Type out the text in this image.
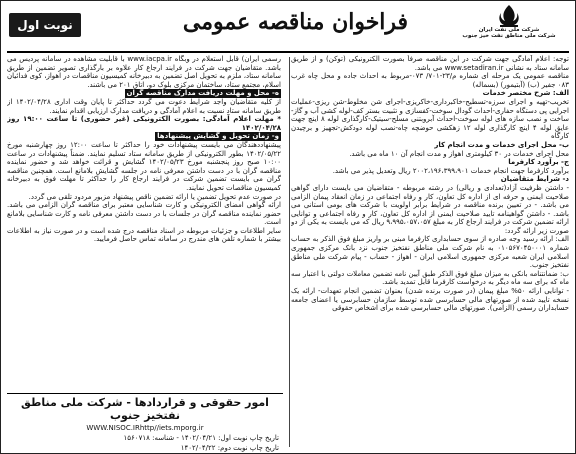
شرکت ملی نفت ایران
شرکت ملی مناطق نفت خیز جنوب
فراخوان مناقصه عمومی
نوبت اول

توجه: اعلام آمادگی جهت شرکت در این مناقصه صرفاً بصورت الکترونیکی (توکن) و از طریق سامانه ستاد به نشانی www.setadiran.ir می باشد.

مناقصه عمومی یک مرحله ای شماره م/۲۳-۷۰۱/ ۰۷۳-مربوط به احداث جاده و محل چاه غرب ۰۸۳ جفیر (ب) (آبتیمور) (بسماله)

الف: شرح مختصر خدمات

تخریب-تهیه و اجرای سرزه-تسطیح-خاکبرداری-خاکریزی-اجرای شن مخلوط-شن ریزی-عملیات اجرایی پی دستگاه حفاری-احداث گودال سوخت-کفسازی و تثبیت بستر کف-لوله کشی آب و گاز-ساخت و نصب سازه های لوله سوخت-احداث آبروبتنی مسلح-سیتیک-کارگذاری لوله ۸ اینچ جهت عایق لوله ۴ اینچ کارگذاری لوله ۱۲ زهکشی حوضچه چاه-نصب لوله دودکش-تجهیز و برچیدن کارگاه

ب- محل اجرای خدمات و مدت انجام کار

محل اجرای خدمات در ۳۰ کیلومتری اهواز و مدت انجام آن ۱۰ ماه می باشد.

ج- برآورد کارفرما

برآورد کارفرما جهت انجام خدمات ۲۰۰۲،۱۹۶،۳۹۹،۹۰۱ ریال وتعدیل پذیر می باشد.

د- شرایط متقاضیان

- داشتن ظرفیت آزاد(تعدادی و ریالی) در رشته مربوطه - متقاضیان می بایست دارای گواهی صلاحیت ایمنی و حرفه ای از اداره کل تعاون، کار و رفاه اجتماعی در زمان انعقاد پیمان الزامی می باشد. - در تعیین برنده مناقصه در شرایط برابر اولویت با شرکت های بومی استانی می باشد. - داشتن گواهینامه تایید صلاحیت ایمنی از اداره کل تعاون، کار و رفاه اجتماعی و توانایی ارائه تضمین شرکت در فرایند ارجاع کار به مبلغ ۹،۹۹۵،۰۵۷،۰۵۷ ریال که می بایست به یکی از دو صورت زیر ارائه گردد:

الف: ارائه رسید وجه صادره از سوی حسابداری کارفرما مبنی بر واریز مبلغ فوق الذکر به حساب شماره ۰۱۰۵۶۷۰۴۵۰۰۰۱ به نام شرکت ملی مناطق نفتخیز جنوب نزد بانک مرکزی جمهوری اسلامی ایران شعبه مرکزی جمهوری اسلامی ایران - اهواز - حساب - پیام شرکت ملی مناطق نفتخیز جنوب.

ب: ضمانتنامه بانکی به میزان مبلغ فوق الذکر طبق آیین نامه تضمین معاملات دولتی با اعتبار سه ماه که برای سه ماه دیگر به درخواست کارفرما قابل تمدید باشد.

- توانایی ارائه ۵۰% مبلغ پیمان (در صورت برنده شدن) بعنوان تضمین انجام تعهدات- ارائه یک نسخه تایید شده از صورتهای مالی حسابرسی شده توسط سازمان حسابرسی یا اعضای جامعه حسابداران رسمی (الزامی). صورتهای مالی حسابرسی شده برای اشخاص حقوقی

رسمی ایران) قابل استعلام در وبگاه www.iacpa.ir با قابلیت مشاهده در سامانه پردیس می باشد. متقاضیان جهت شرکت در فرایند ارجاع کار علاوه بر بارگذاری تصویر تضمین از طریق سامانه ستاد، ملزم به تحویل اصل تضمین به دبیرخانه کمیسیون مناقصات در اهواز، کوی فدائیان اسلام، مجتمع ستاد، ساختمان مرکزی بلوک دو، اتاق ۲۰۱ می باشند.

ه- محل و مهلت دریافت مدارک مناقصه گران

از کلیه متقاضیان واجد شرایط دعوت می گردد حداکثر تا پایان وقت اداری ۱۴۰۲/۰۴/۲۸ از طریق سامانه ستاد نسبت به اعلام آمادگی و دریافت مدارک ارزیابی اقدام نمایند.

* مهلت اعلام آمادگی: بصورت الکترونیکی (غیر حضوری) تا ساعت ۱۹:۰۰ روز ۱۴۰۲/۰۴/۲۸

و- زمان تحویل و گشایش پیشنهادها

پیشنهاددهندگان می بایست پیشنهادات خود را حداکثر تا ساعت ۱۲:۰۰ روز چهارشنبه مورخ ۱۴۰۲/۰۵/۲۲ بطور الکترونیکی از طریق سامانه ستاد تسلیم نمایند. ضمناً پیشنهادات در ساعت ۱۰:۰۰ صبح روز پنجشنبه مورخ ۱۴۰۲/۰۵/۲۳ گشایش و قرائت خواهد شد و حضور نماینده مناقصه گران با در دست داشتن معرفی نامه در جلسه گشایش بلامانع است. همچنین مناقصه گران می بایست تضمین شرکت در فرایند ارجاع کار را حداکثر تا مهلت فوق به دبیرخانه کمیسیون مناقصات تحویل نمایند.

در صورت عدم تحویل تضمین یا ارائه تضمین ناقص پیشنهاد مزبور مردود تلقی می گردد.

ارائه گواهی امضای الکترونیکی و کارت شناسایی معتبر برای مناقصه گران الزامی می باشد. حضور نماینده مناقصه گران در جلسات با در دست داشتن معرفی نامه و کارت شناسایی بلامانع است.

سایر اطلاعات و جزئیات مربوطه در اسناد مناقصه درج شده است و در صورت نیاز به اطلاعات بیشتر با شماره تلفن های مندرج در سامانه تماس حاصل فرمایید.

امور حقوقی و قراردادها - شرکت ملی مناطق نفتخیز جنوب
WWW.NISOC.IRhttp//iets.mporg.ir
تاریخ چاپ نوبت اول: ۱۴۰۲/۰۴/۲۱ - شناسه: ۱۵۶۰۷۱۸
تاریخ چاپ نوبت دوم: ۱۴۰۲/۰۴/۲۲
